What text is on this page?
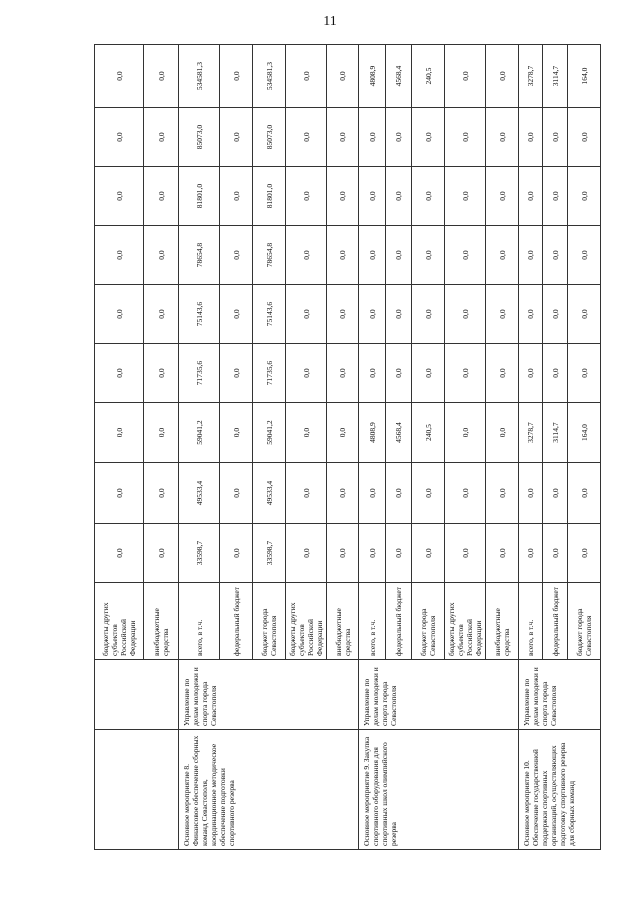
11
		бюджеты других субъектов Российской Федерации	0,0	0,0	0,0	0,0	0,0	0,0	0,0	0,0	0,0
		внебюджетные средства	0,0	0,0	0,0	0,0	0,0	0,0	0,0	0,0	0,0
Основное мероприятие 8. Финансовое обеспечение сборных команд Севастополя, координационное методическое обеспечение подготовки спортивного резерва	Управление по делам молодежи и спорта города Севастополя	всего, в т.ч.	33598,7	49533,4	59041,2	71735,6	75143,6	78654,8	81801,0	85073,0	534581,3
		федеральный бюджет	0,0	0,0	0,0	0,0	0,0	0,0	0,0	0,0	0,0
		бюджет города Севастополя	33598,7	49533,4	59041,2	71735,6	75143,6	78654,8	81801,0	85073,0	534581,3
		бюджеты других субъектов Российской Федерации	0,0	0,0	0,0	0,0	0,0	0,0	0,0	0,0	0,0
		внебюджетные средства	0,0	0,0	0,0	0,0	0,0	0,0	0,0	0,0	0,0
Основное мероприятие 9. Закупка спортивного оборудования для спортивных школ олимпийского резерва	Управление по делам молодежи и спорта города Севастополя	всего, в т.ч.	0,0	0,0	4808,9	0,0	0,0	0,0	0,0	0,0	4808,9
		федеральный бюджет	0,0	0,0	4568,4	0,0	0,0	0,0	0,0	0,0	4568,4
		бюджет города Севастополя	0,0	0,0	240,5	0,0	0,0	0,0	0,0	0,0	240,5
		бюджеты других субъектов Российской Федерации	0,0	0,0	0,0	0,0	0,0	0,0	0,0	0,0	0,0
		внебюджетные средства	0,0	0,0	0,0	0,0	0,0	0,0	0,0	0,0	0,0
Основное мероприятие 10. Обеспечение государственной поддержки спортивных организаций, осуществляющих подготовку спортивного резерва для сборных команд	Управление по делам молодежи и спорта города Севастополя	всего, в т.ч.	0,0	0,0	3278,7	0,0	0,0	0,0	0,0	0,0	3278,7
		федеральный бюджет	0,0	0,0	3114,7	0,0	0,0	0,0	0,0	0,0	3114,7
		бюджет города Севастополя	0,0	0,0	164,0	0,0	0,0	0,0	0,0	0,0	164,0
